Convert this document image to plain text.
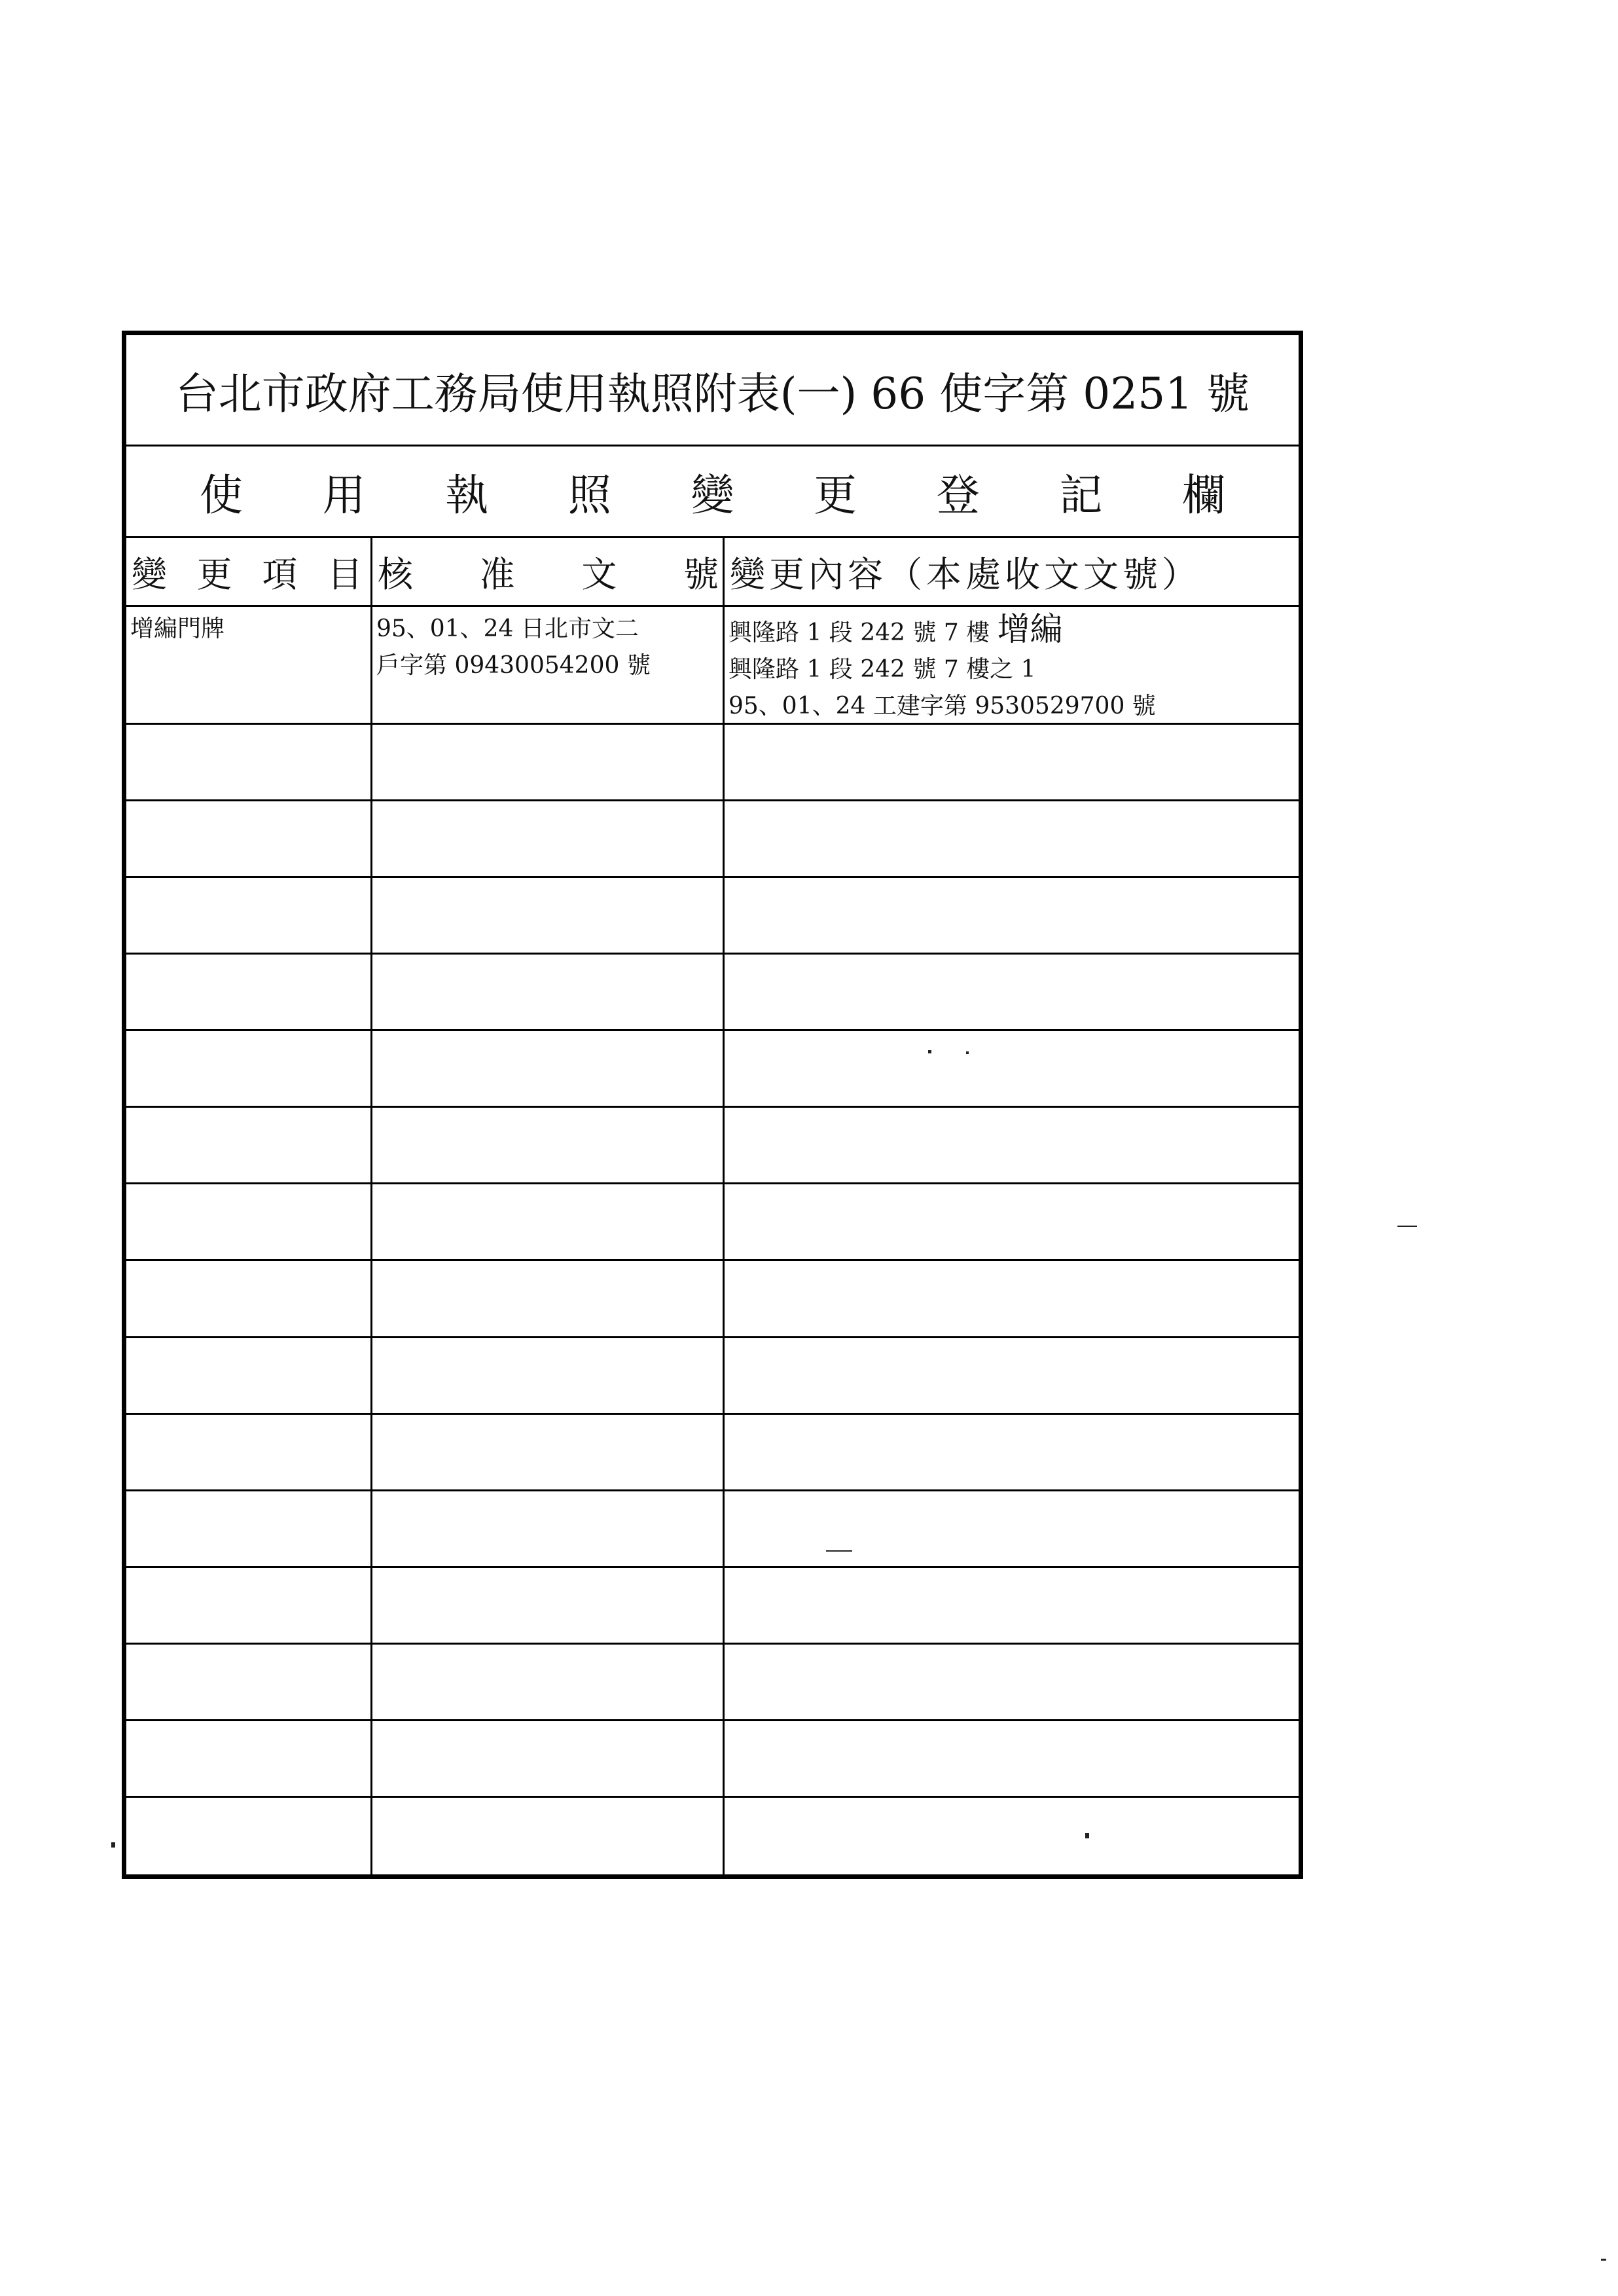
台北市政府工務局使用執照附表(一) 66 使字第 0251 號
使 用 執 照 變 更 登 記 欄
變 更 項 目 核 准 文 號 變更內容（本處收文文號）
增編門牌	95、01、24 日北市文二
戶字第 09430054200 號
興隆路 1 段 242 號 7 樓 增編
興隆路 1 段 242 號 7 樓之 1
95、01、24 工建字第 9530529700 號
